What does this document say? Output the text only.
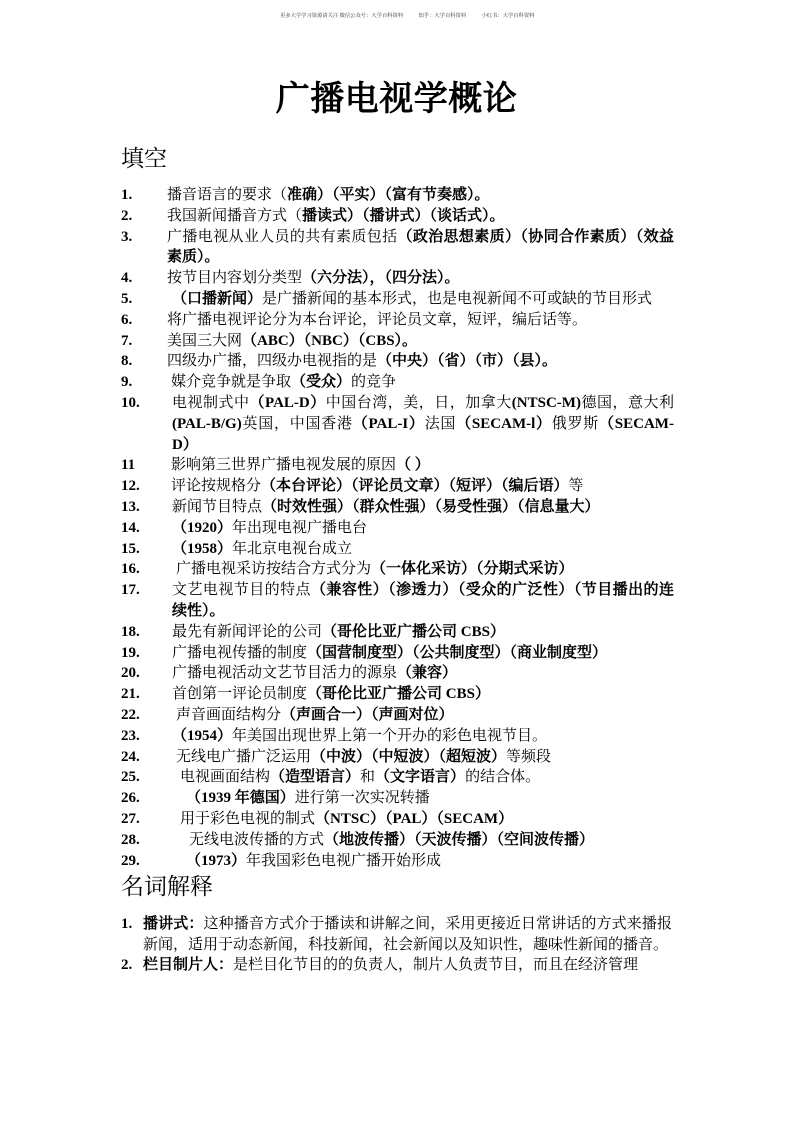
更多大学学习资源请关注 微信公众号：大学百科资料	知乎：大学百科资料	小红书：大学百科资料
广播电视学概论
填空
1.	播音语言的要求（准确）（平实）（富有节奏感）。
2.	我国新闻播音方式（播读式）（播讲式）（谈话式）。
3.	广播电视从业人员的共有素质包括（政治思想素质）（协同合作素质）（效益素质）。
4.	按节目内容划分类型（六分法），（四分法）。
5.	（口播新闻）是广播新闻的基本形式，也是电视新闻不可或缺的节目形式
6.	将广播电视评论分为本台评论，评论员文章，短评，编后话等。
7.	美国三大网（ABC）（NBC）（CBS）。
8.	四级办广播，四级办电视指的是（中央）（省）（市）（县）。
9.	媒介竞争就是争取（受众）的竞争
10.	电视制式中（PAL-D）中国台湾，美，日，加拿大(NTSC-M)德国，意大利(PAL-B/G)英国，中国香港（PAL-I）法国（SECAM-l）俄罗斯（SECAM-D）
11	影响第三世界广播电视发展的原因（ ）
12.	评论按规格分（本台评论）（评论员文章）（短评）（编后语）等
13.	新闻节目特点（时效性强）（群众性强）（易受性强）（信息量大）
14.	（1920）年出现电视广播电台
15.	（1958）年北京电视台成立
16.	广播电视采访按结合方式分为（一体化采访）（分期式采访）
17.	文艺电视节目的特点（兼容性）（渗透力）（受众的广泛性）（节目播出的连续性）。
18.	最先有新闻评论的公司（哥伦比亚广播公司 CBS）
19.	广播电视传播的制度（国营制度型）（公共制度型）（商业制度型）
20.	广播电视活动文艺节目活力的源泉（兼容）
21.	首创第一评论员制度（哥伦比亚广播公司 CBS）
22.	声音画面结构分（声画合一）（声画对位）
23.	（1954）年美国出现世界上第一个开办的彩色电视节目。
24.	无线电广播广泛运用（中波）（中短波）（超短波）等频段
25.	电视画面结构（造型语言）和（文字语言）的结合体。
26.	（1939 年德国）进行第一次实况转播
27.	用于彩色电视的制式（NTSC）（PAL）（SECAM）
28.	无线电波传播的方式（地波传播）（天波传播）（空间波传播）
29.	（1973）年我国彩色电视广播开始形成
名词解释
1. 播讲式：这种播音方式介于播读和讲解之间，采用更接近日常讲话的方式来播报新闻，适用于动态新闻，科技新闻，社会新闻以及知识性，趣味性新闻的播音。
2. 栏目制片人：是栏目化节目的的负责人，制片人负责节目，而且在经济管理
